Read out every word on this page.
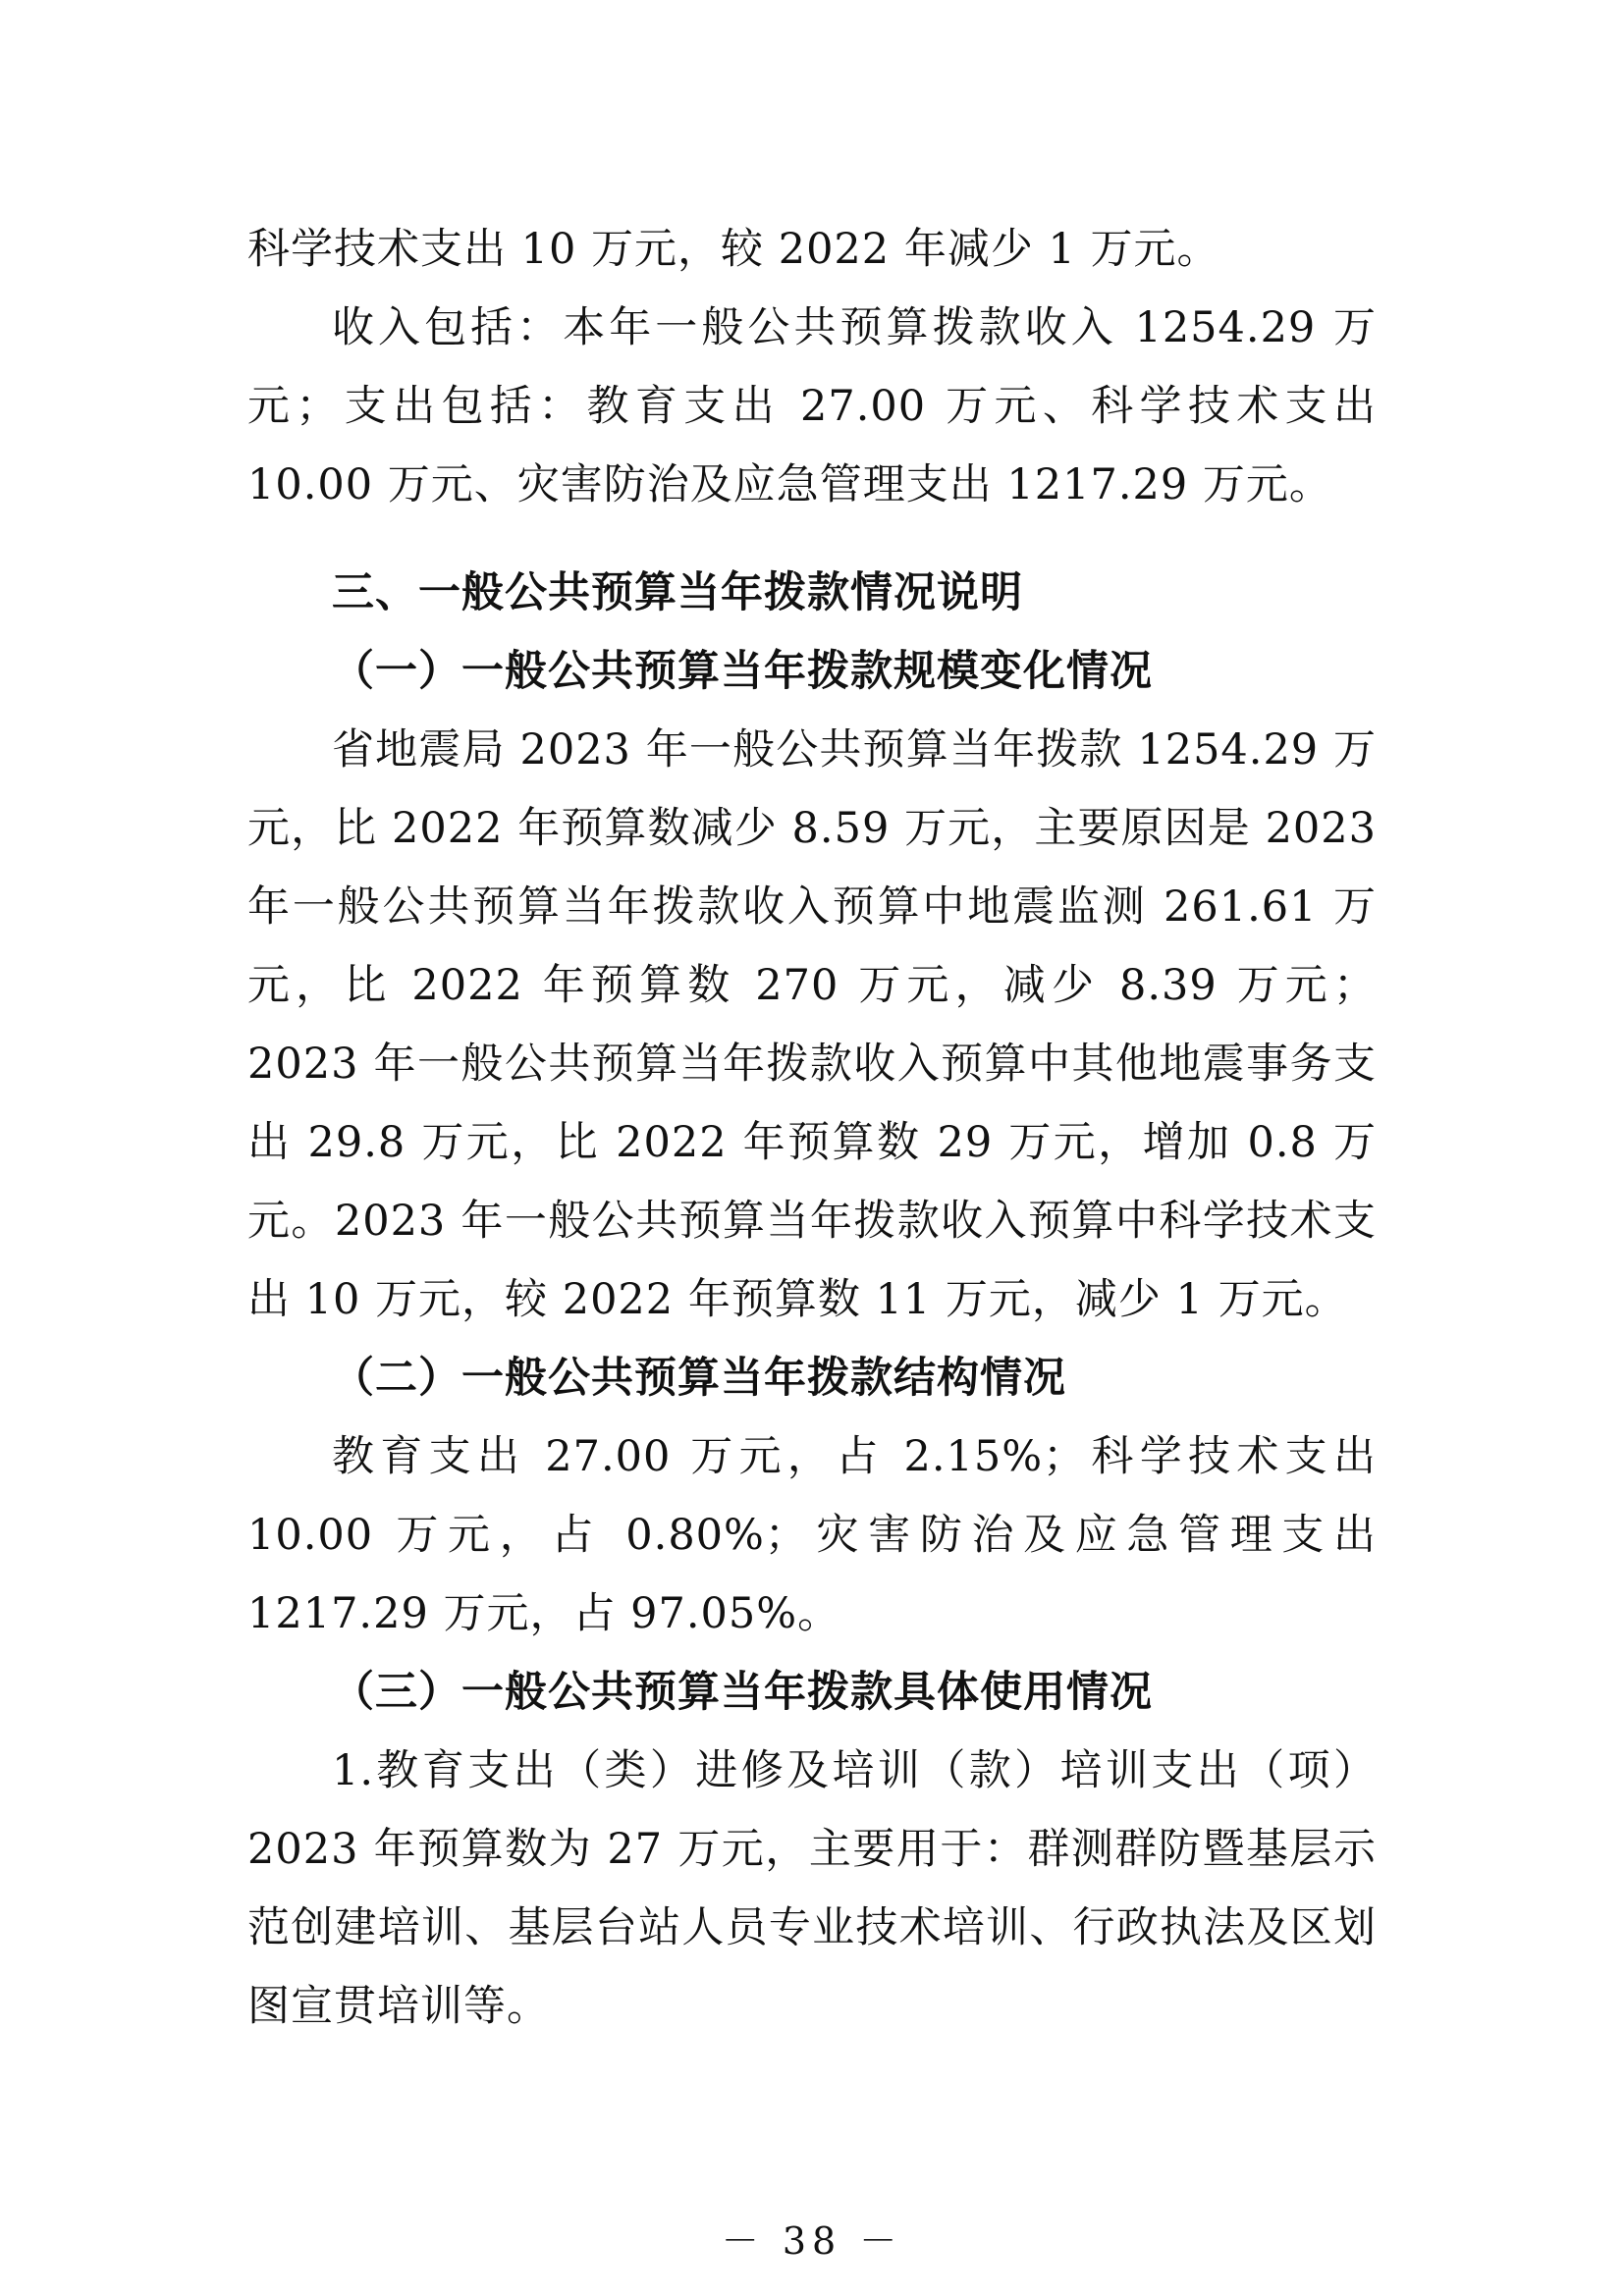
科学技术支出 10 万元，较 2022 年减少 1 万元。

收入包括：本年一般公共预算拨款收入 1254.29 万元；支出包括：教育支出 27.00 万元、科学技术支出 10.00 万元、灾害防治及应急管理支出 1217.29 万元。

三、一般公共预算当年拨款情况说明

（一）一般公共预算当年拨款规模变化情况

省地震局 2023 年一般公共预算当年拨款 1254.29 万元，比 2022 年预算数减少 8.59 万元，主要原因是 2023 年一般公共预算当年拨款收入预算中地震监测 261.61 万元，比 2022 年预算数 270 万元，减少 8.39 万元；2023 年一般公共预算当年拨款收入预算中其他地震事务支出 29.8 万元，比 2022 年预算数 29 万元，增加 0.8 万元。2023 年一般公共预算当年拨款收入预算中科学技术支出 10 万元，较 2022 年预算数 11 万元，减少 1 万元。

（二）一般公共预算当年拨款结构情况

教育支出 27.00 万元，占 2.15%；科学技术支出 10.00 万元，占 0.80%；灾害防治及应急管理支出 1217.29 万元，占 97.05%。

（三）一般公共预算当年拨款具体使用情况

1.教育支出（类）进修及培训（款）培训支出（项）2023 年预算数为 27 万元，主要用于：群测群防暨基层示范创建培训、基层台站人员专业技术培训、行政执法及区划图宣贯培训等。

－ 38 －
